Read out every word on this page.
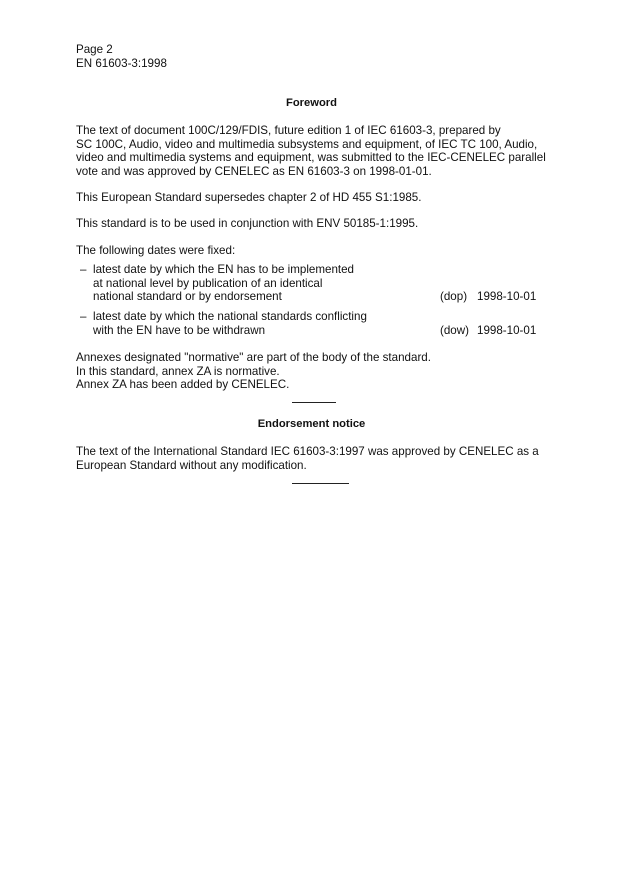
Page 2
EN 61603-3:1998
Foreword
The text of document 100C/129/FDIS, future edition 1 of IEC 61603-3, prepared by
SC 100C, Audio, video and multimedia subsystems and equipment, of IEC TC 100, Audio,
video and multimedia systems and equipment, was submitted to the IEC-CENELEC parallel
vote and was approved by CENELEC as EN 61603-3 on 1998-01-01.
This European Standard supersedes chapter 2 of HD 455 S1:1985.
This standard is to be used in conjunction with ENV 50185-1:1995.
The following dates were fixed:
– latest date by which the EN has to be implemented
at national level by publication of an identical
national standard or by endorsement	(dop) 1998-10-01
– latest date by which the national standards conflicting
with the EN have to be withdrawn	(dow) 1998-10-01
Annexes designated "normative" are part of the body of the standard.
In this standard, annex ZA is normative.
Annex ZA has been added by CENELEC.
Endorsement notice
The text of the International Standard IEC 61603-3:1997 was approved by CENELEC as a
European Standard without any modification.
